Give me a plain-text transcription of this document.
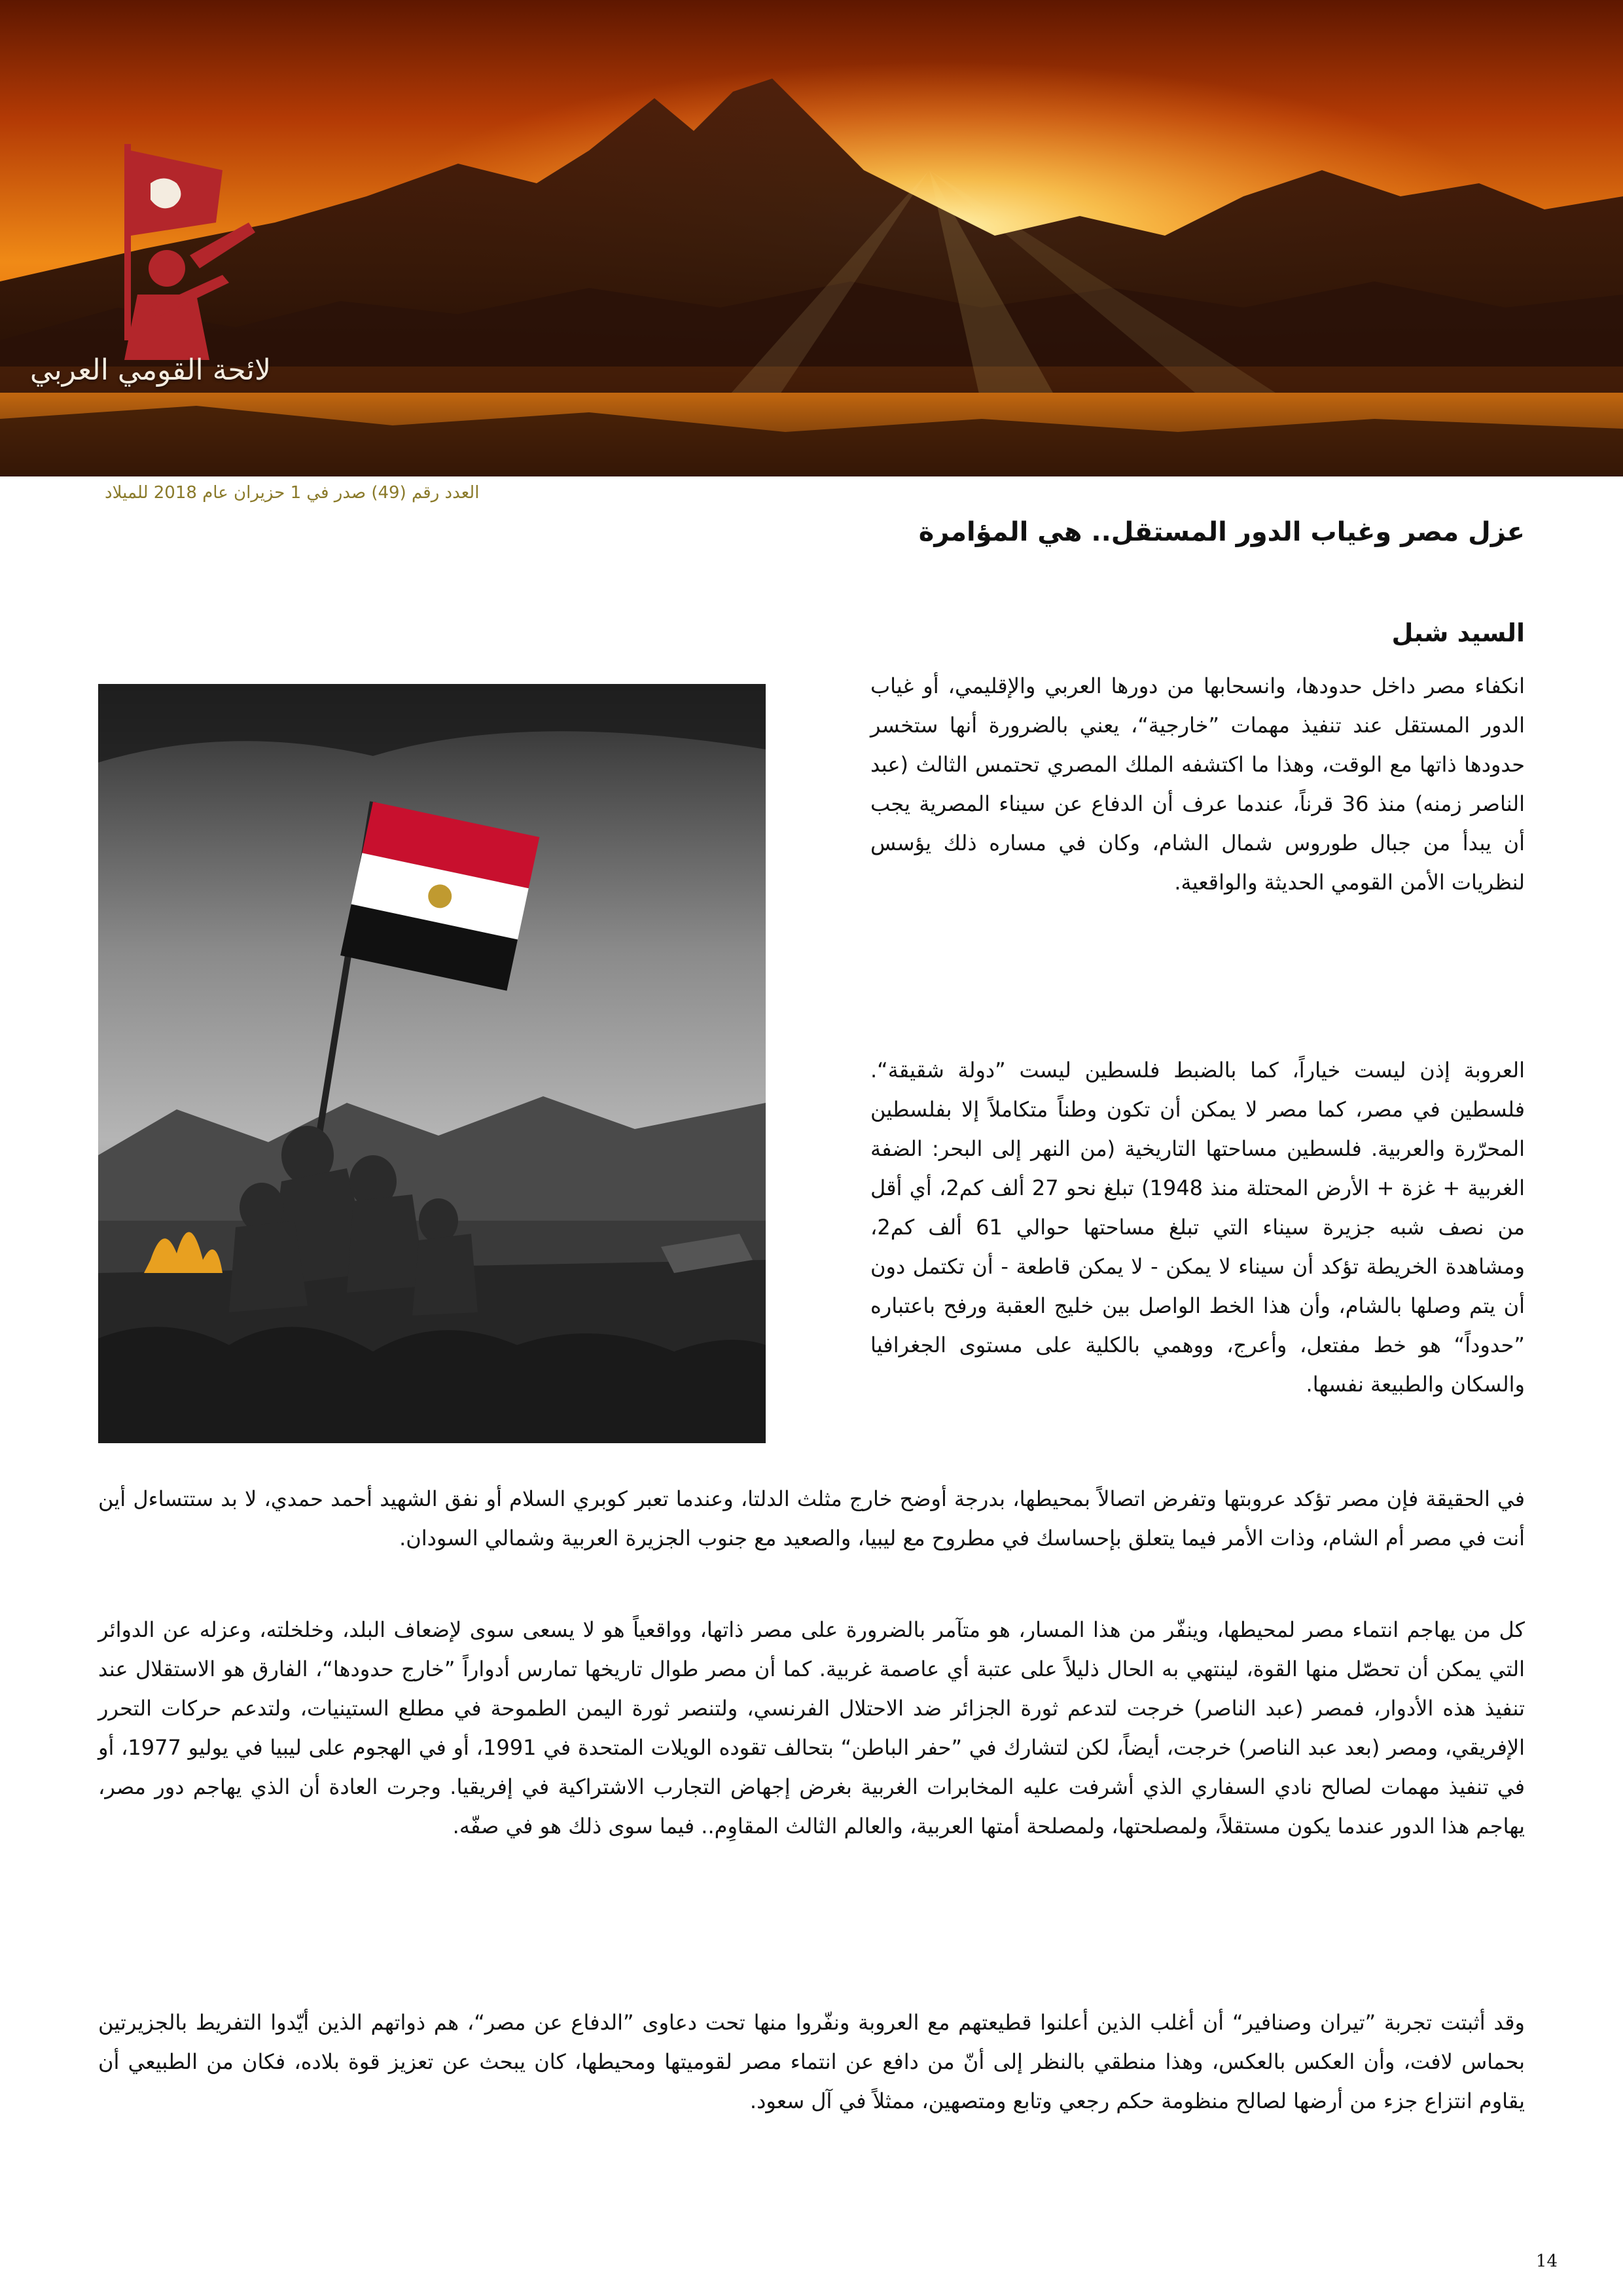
لائحة القومي العربي
العدد رقم (49) صدر في 1 حزيران عام 2018 للميلاد
عزل مصر وغياب الدور المستقل.. هي المؤامرة
السيد شبل

انكفاء مصر داخل حدودها، وانسحابها من دورها العربي والإقليمي، أو غياب الدور المستقل عند تنفيذ مهمات ”خارجية“، يعني بالضرورة أنها ستخسر حدودها ذاتها مع الوقت، وهذا ما اكتشفه الملك المصري تحتمس الثالث (عبد الناصر زمنه) منذ 36 قرناً، عندما عرف أن الدفاع عن سيناء المصرية يجب أن يبدأ من جبال طوروس شمال الشام، وكان في مساره ذلك يؤسس لنظريات الأمن القومي الحديثة والواقعية.

العروبة إذن ليست خياراً، كما بالضبط فلسطين ليست ”دولة شقيقة“. فلسطين في مصر، كما مصر لا يمكن أن تكون وطناً متكاملاً إلا بفلسطين المحرّرة والعربية. فلسطين مساحتها التاريخية (من النهر إلى البحر: الضفة الغربية + غزة + الأرض المحتلة منذ 1948) تبلغ نحو 27 ألف كم2، أي أقل من نصف شبه جزيرة سيناء التي تبلغ مساحتها حوالي 61 ألف كم2، ومشاهدة الخريطة تؤكد أن سيناء لا يمكن - لا يمكن قاطعة - أن تكتمل دون أن يتم وصلها بالشام، وأن هذا الخط الواصل بين خليج العقبة ورفح باعتباره ”حدوداً“ هو خط مفتعل، وأعرج، ووهمي بالكلية على مستوى الجغرافيا والسكان والطبيعة نفسها.

في الحقيقة فإن مصر تؤكد عروبتها وتفرض اتصالاً بمحيطها، بدرجة أوضح خارج مثلث الدلتا، وعندما تعبر كوبري السلام أو نفق الشهيد أحمد حمدي، لا بد ستتساءل أين أنت في مصر أم الشام، وذات الأمر فيما يتعلق بإحساسك في مطروح مع ليبيا، والصعيد مع جنوب الجزيرة العربية وشمالي السودان.

كل من يهاجم انتماء مصر لمحيطها، وينفّر من هذا المسار، هو متآمر بالضرورة على مصر ذاتها، وواقعياً هو لا يسعى سوى لإضعاف البلد، وخلخلته، وعزله عن الدوائر التي يمكن أن تحصّل منها القوة، لينتهي به الحال ذليلاً على عتبة أي عاصمة غربية. كما أن مصر طوال تاريخها تمارس أدواراً ”خارج حدودها“، الفارق هو الاستقلال عند تنفيذ هذه الأدوار، فمصر (عبد الناصر) خرجت لتدعم ثورة الجزائر ضد الاحتلال الفرنسي، ولتنصر ثورة اليمن الطموحة في مطلع الستينيات، ولتدعم حركات التحرر الإفريقي، ومصر (بعد عبد الناصر) خرجت، أيضاً، لكن لتشارك في ”حفر الباطن“ بتحالف تقوده الويلات المتحدة في 1991، أو في الهجوم على ليبيا في يوليو 1977، أو في تنفيذ مهمات لصالح نادي السفاري الذي أشرفت عليه المخابرات الغربية بغرض إجهاض التجارب الاشتراكية في إفريقيا. وجرت العادة أن الذي يهاجم دور مصر، يهاجم هذا الدور عندما يكون مستقلاً، ولمصلحتها، ولمصلحة أمتها العربية، والعالم الثالث المقاوِم.. فيما سوى ذلك هو في صفّه.

وقد أثبتت تجربة ”تيران وصنافير“ أن أغلب الذين أعلنوا قطيعتهم مع العروبة ونفّروا منها تحت دعاوى ”الدفاع عن مصر“، هم ذواتهم الذين أيّدوا التفريط بالجزيرتين بحماس لافت، وأن العكس بالعكس، وهذا منطقي بالنظر إلى أنّ من دافع عن انتماء مصر لقوميتها ومحيطها، كان يبحث عن تعزيز قوة بلاده، فكان من الطبيعي أن يقاوم انتزاع جزء من أرضها لصالح منظومة حكم رجعي وتابع ومتصهين، ممثلاً في آل سعود.

14
